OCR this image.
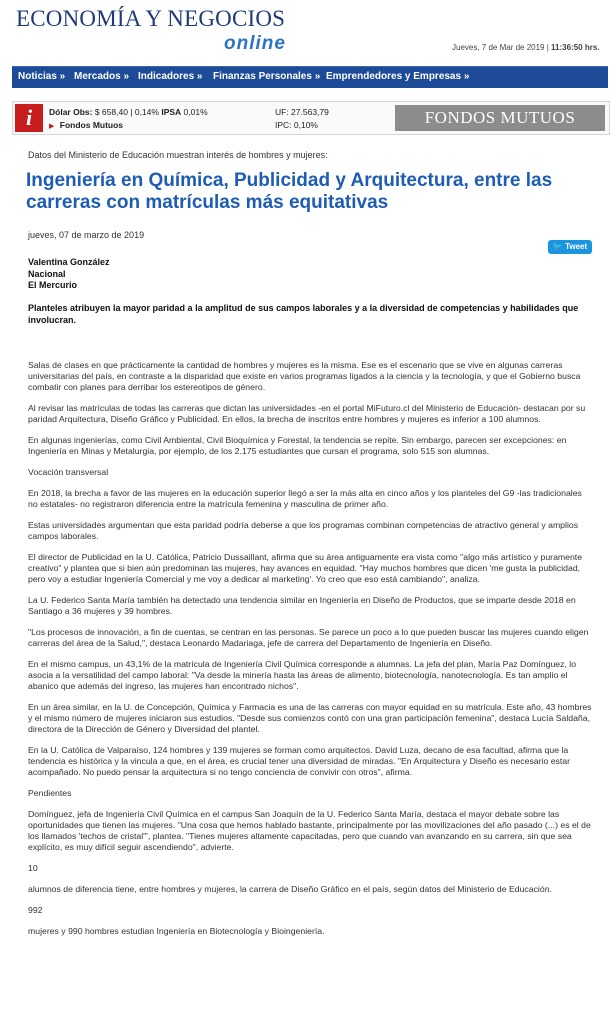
ECONOMÍA Y NEGOCIOS
online	Jueves, 7 de Mar de 2019 | 11:36:50 hrs.
Noticias » Mercados » Indicadores » Finanzas Personales » Emprendedores y Empresas »
i	Dólar Obs: $ 658,40 | 0,14% IPSA 0,01%
▶ Fondos Mutuos
UF: 27.563,79
IPC: 0,10%	FONDOS MUTUOS
Datos del Ministerio de Educación muestran interés de hombres y mujeres:
Ingeniería en Química, Publicidad y Arquitectura, entre las carreras con matrículas más equitativas
jueves, 07 de marzo de 2019
🐦 Tweet
Valentina González
Nacional
El Mercurio
Planteles atribuyen la mayor paridad a la amplitud de sus campos laborales y a la diversidad de competencias y habilidades que involucran.

Salas de clases en que prácticamente la cantidad de hombres y mujeres es la misma. Ese es el escenario que se vive en algunas carreras universitarias del país, en contraste a la disparidad que existe en varios programas ligados a la ciencia y la tecnología, y que el Gobierno busca combatir con planes para derribar los estereotipos de género.

Al revisar las matrículas de todas las carreras que dictan las universidades -en el portal MiFuturo.cl del Ministerio de Educación- destacan por su paridad Arquitectura, Diseño Gráfico y Publicidad. En ellos, la brecha de inscritos entre hombres y mujeres es inferior a 100 alumnos.

En algunas ingenierías, como Civil Ambiental, Civil Bioquímica y Forestal, la tendencia se repite. Sin embargo, parecen ser excepciones: en Ingeniería en Minas y Metalurgia, por ejemplo, de los 2.175 estudiantes que cursan el programa, solo 515 son alumnas.

Vocación transversal

En 2018, la brecha a favor de las mujeres en la educación superior llegó a ser la más alta en cinco años y los planteles del G9 -las tradicionales no estatales- no registraron diferencia entre la matrícula femenina y masculina de primer año.

Estas universidades argumentan que esta paridad podría deberse a que los programas combinan competencias de atractivo general y amplios campos laborales.

El director de Publicidad en la U. Católica, Patricio Dussaillant, afirma que su área antiguamente era vista como "algo más artístico y puramente creativo" y plantea que si bien aún predominan las mujeres, hay avances en equidad. "Hay muchos hombres que dicen 'me gusta la publicidad, pero voy a estudiar Ingeniería Comercial y me voy a dedicar al marketing'. Yo creo que eso está cambiando", analiza.

La U. Federico Santa María también ha detectado una tendencia similar en Ingeniería en Diseño de Productos, que se imparte desde 2018 en Santiago a 36 mujeres y 39 hombres.

"Los procesos de innovación, a fin de cuentas, se centran en las personas. Se parece un poco a lo que pueden buscar las mujeres cuando eligen carreras del área de la Salud,", destaca Leonardo Madariaga, jefe de carrera del Departamento de Ingeniería en Diseño.

En el mismo campus, un 43,1% de la matrícula de Ingeniería Civil Química corresponde a alumnas. La jefa del plan, María Paz Domínguez, lo asocia a la versatilidad del campo laboral: "Va desde la minería hasta las áreas de alimento, biotecnología, nanotecnología. Es tan amplio el abanico que además del ingreso, las mujeres han encontrado nichos".

En un área similar, en la U. de Concepción, Química y Farmacia es una de las carreras con mayor equidad en su matrícula. Este año, 43 hombres y el mismo número de mujeres iniciaron sus estudios. "Desde sus comienzos contó con una gran participación femenina", destaca Lucía Saldaña, directora de la Dirección de Género y Diversidad del plantel.

En la U. Católica de Valparaíso, 124 hombres y 139 mujeres se forman como arquitectos. David Luza, decano de esa facultad, afirma que la tendencia es histórica y la vincula a que, en el área, es crucial tener una diversidad de miradas. "En Arquitectura y Diseño es necesario estar acompañado. No puedo pensar la arquitectura si no tengo conciencia de convivir con otros", afirma.

Pendientes

Domínguez, jefa de Ingeniería Civil Química en el campus San Joaquín de la U. Federico Santa María, destaca el mayor debate sobre las oportunidades que tienen las mujeres. "Una cosa que hemos hablado bastante, principalmente por las movilizaciones del año pasado (...) es el de los llamados 'techos de cristal'", plantea. "Tienes mujeres altamente capacitadas, pero que cuando van avanzando en su carrera, sin que sea explícito, es muy difícil seguir ascendiendo", advierte.

10

alumnos de diferencia tiene, entre hombres y mujeres, la carrera de Diseño Gráfico en el país, según datos del Ministerio de Educación.

992

mujeres y 990 hombres estudian Ingeniería en Biotecnología y Bioingeniería.
